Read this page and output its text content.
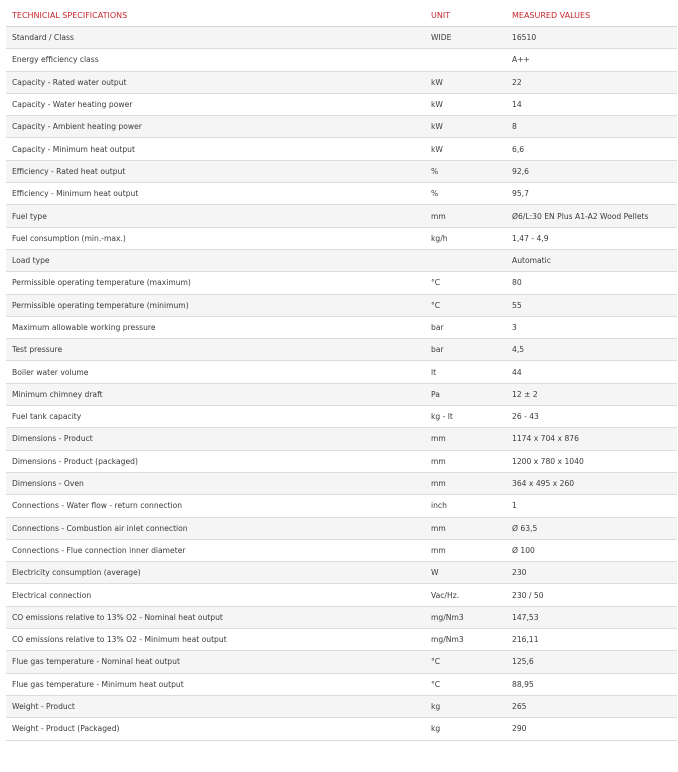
TECHNICIAL SPECIFICATIONS	UNIT	MEASURED VALUES
Standard / Class	WIDE	16510
Energy efficiency class		A++
Capacity - Rated water output	kW	22
Capacity - Water heating power	kW	14
Capacity - Ambient heating power	kW	8
Capacity - Minimum heat output	kW	6,6
Efficiency - Rated heat output	%	92,6
Efficiency - Minimum heat output	%	95,7
Fuel type	mm	Ø6/L:30 EN Plus A1-A2 Wood Pellets
Fuel consumption (min.-max.)	kg/h	1,47 - 4,9
Load type		Automatic
Permissible operating temperature (maximum)	°C	80
Permissible operating temperature (minimum)	°C	55
Maximum allowable working pressure	bar	3
Test pressure	bar	4,5
Boiler water volume	lt	44
Minimum chimney draft	Pa	12 ± 2
Fuel tank capacity	kg - lt	26 - 43
Dimensions - Product	mm	1174 x 704 x 876
Dimensions - Product (packaged)	mm	1200 x 780 x 1040
Dimensions - Oven	mm	364 x 495 x 260
Connections - Water flow - return connection	inch	1
Connections - Combustion air inlet connection	mm	Ø 63,5
Connections - Flue connection inner diameter	mm	Ø 100
Electricity consumption (average)	W	230
Electrical connection	Vac/Hz.	230 / 50
CO emissions relative to 13% O2 - Nominal heat output	mg/Nm3	147,53
CO emissions relative to 13% O2 - Minimum heat output	mg/Nm3	216,11
Flue gas temperature - Nominal heat output	°C	125,6
Flue gas temperature - Minimum heat output	°C	88,95
Weight - Product	kg	265
Weight - Product (Packaged)	kg	290
